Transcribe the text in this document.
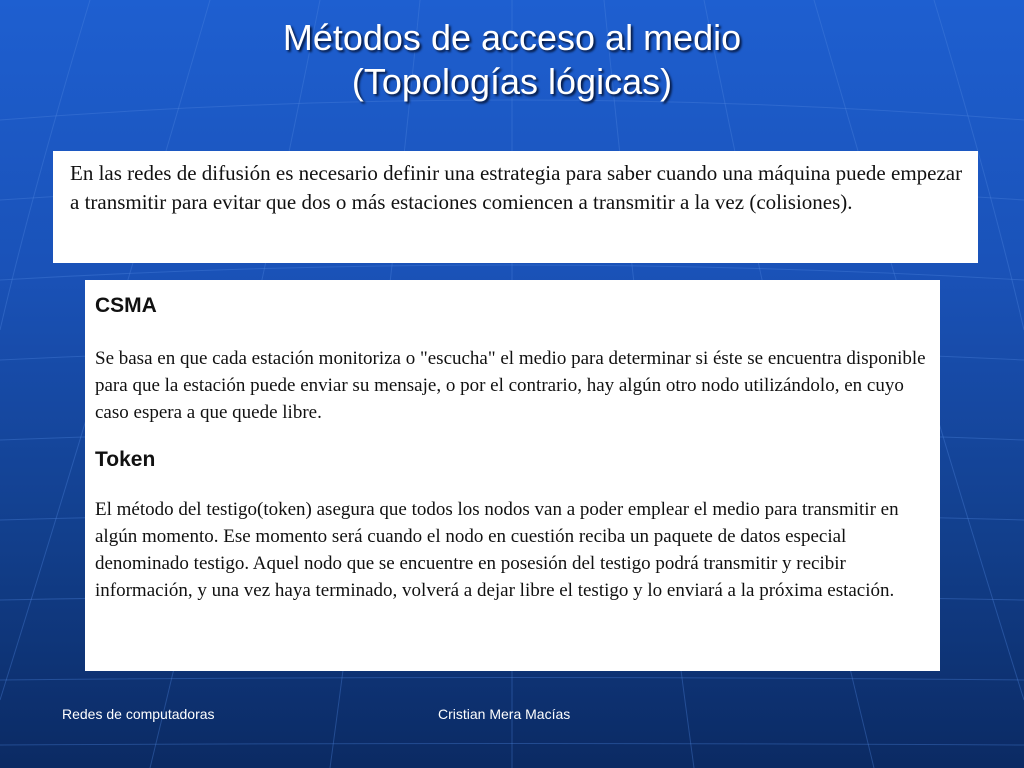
Métodos de acceso al medio
(Topologías lógicas)

En las redes de difusión es necesario definir una estrategia para saber cuando una máquina puede empezar a transmitir para evitar que dos o más estaciones comiencen a transmitir a la vez (colisiones).

CSMA

Se basa en que cada estación monitoriza o "escucha" el medio para determinar si éste se encuentra disponible para que la estación puede enviar su mensaje, o por el contrario, hay algún otro nodo utilizándolo, en cuyo caso espera a que quede libre.

Token

El método del testigo(token) asegura que todos los nodos van a poder emplear el medio para transmitir en algún momento. Ese momento será cuando el nodo en cuestión reciba un paquete de datos especial denominado testigo. Aquel nodo que se encuentre en posesión del testigo podrá transmitir y recibir información, y una vez haya terminado, volverá a dejar libre el testigo y lo enviará a la próxima estación.

Redes de computadoras	Cristian Mera Macías
